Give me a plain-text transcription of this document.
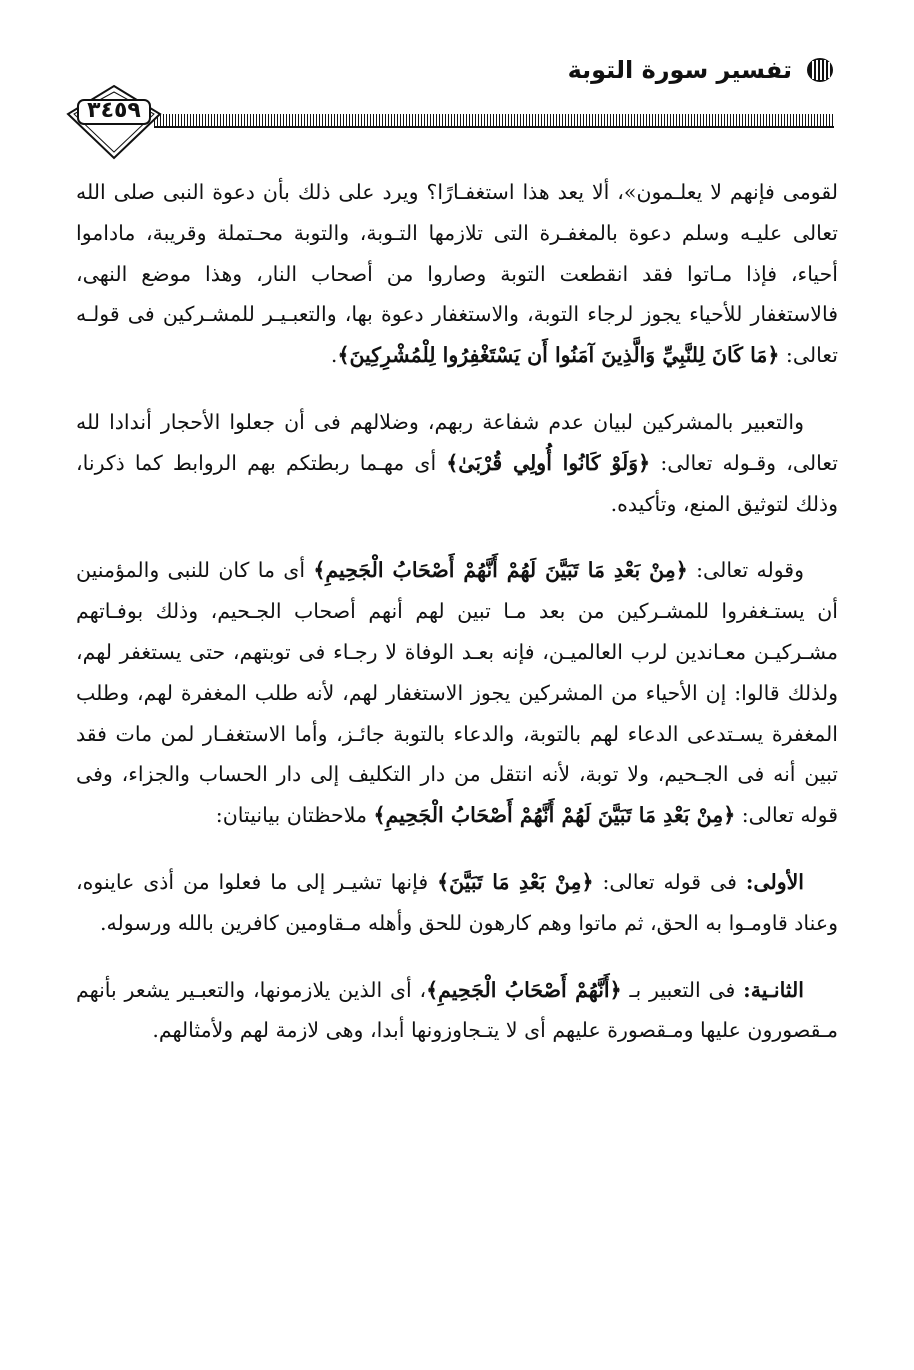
تفسير سورة التوبة
٣٤٥٩

لقومى فإنهم لا يعلـمون»، ألا يعد هذا استغفـارًا؟ ويرد على ذلك بأن دعوة النبى صلى الله تعالى عليـه وسلم دعوة بالمغفـرة التى تلازمها التـوبة، والتوبة محـتملة وقريبة، ماداموا أحياء، فإذا مـاتوا فقد انقطعت التوبة وصاروا من أصحاب النار، وهذا موضع النهى، فالاستغفار للأحياء يجوز لرجاء التوبة، والاستغفار دعوة بها، والتعبـيـر للمشـركين فى قولـه تعالى: ﴿مَا كَانَ لِلنَّبِيِّ وَالَّذِينَ آمَنُوا أَن يَسْتَغْفِرُوا لِلْمُشْرِكِينَ﴾.

والتعبير بالمشركين لبيان عدم شفاعة ربهم، وضلالهم فى أن جعلوا الأحجار أندادا لله تعالى، وقـوله تعالى: ﴿وَلَوْ كَانُوا أُولِي قُرْبَىٰ﴾ أى مهـما ربطتكم بهم الروابط كما ذكرنا، وذلك لتوثيق المنع، وتأكيده.

وقوله تعالى: ﴿مِنْ بَعْدِ مَا تَبَيَّنَ لَهُمْ أَنَّهُمْ أَصْحَابُ الْجَحِيمِ﴾ أى ما كان للنبى والمؤمنين أن يستـغفروا للمشـركين من بعد مـا تبين لهم أنهم أصحاب الجـحيم، وذلك بوفـاتهم مشـركيـن معـاندين لرب العالميـن، فإنه بعـد الوفاة لا رجـاء فى توبتهم، حتى يستغفر لهم، ولذلك قالوا: إن الأحياء من المشركين يجوز الاستغفار لهم، لأنه طلب المغفرة لهم، وطلب المغفرة يسـتدعى الدعاء لهم بالتوبة، والدعاء بالتوبة جائـز، وأما الاستغفـار لمن مات فقد تبين أنه فى الجـحيم، ولا توبة، لأنه انتقل من دار التكليف إلى دار الحساب والجزاء، وفى قوله تعالى: ﴿مِنْ بَعْدِ مَا تَبَيَّنَ لَهُمْ أَنَّهُمْ أَصْحَابُ الْجَحِيمِ﴾ ملاحظتان بيانيتان:

الأولى: فى قوله تعالى: ﴿مِنْ بَعْدِ مَا تَبَيَّنَ﴾ فإنها تشيـر إلى ما فعلوا من أذى عاينوه، وعناد قاومـوا به الحق، ثم ماتوا وهم كارهون للحق وأهله مـقاومين كافرين بالله ورسوله.

الثانـية: فى التعبير بـ ﴿أَنَّهُمْ أَصْحَابُ الْجَحِيمِ﴾، أى الذين يلازمونها، والتعبـير يشعر بأنهم مـقصورون عليها ومـقصورة عليهم أى لا يتـجاوزونها أبدا، وهى لازمة لهم ولأمثالهم.
